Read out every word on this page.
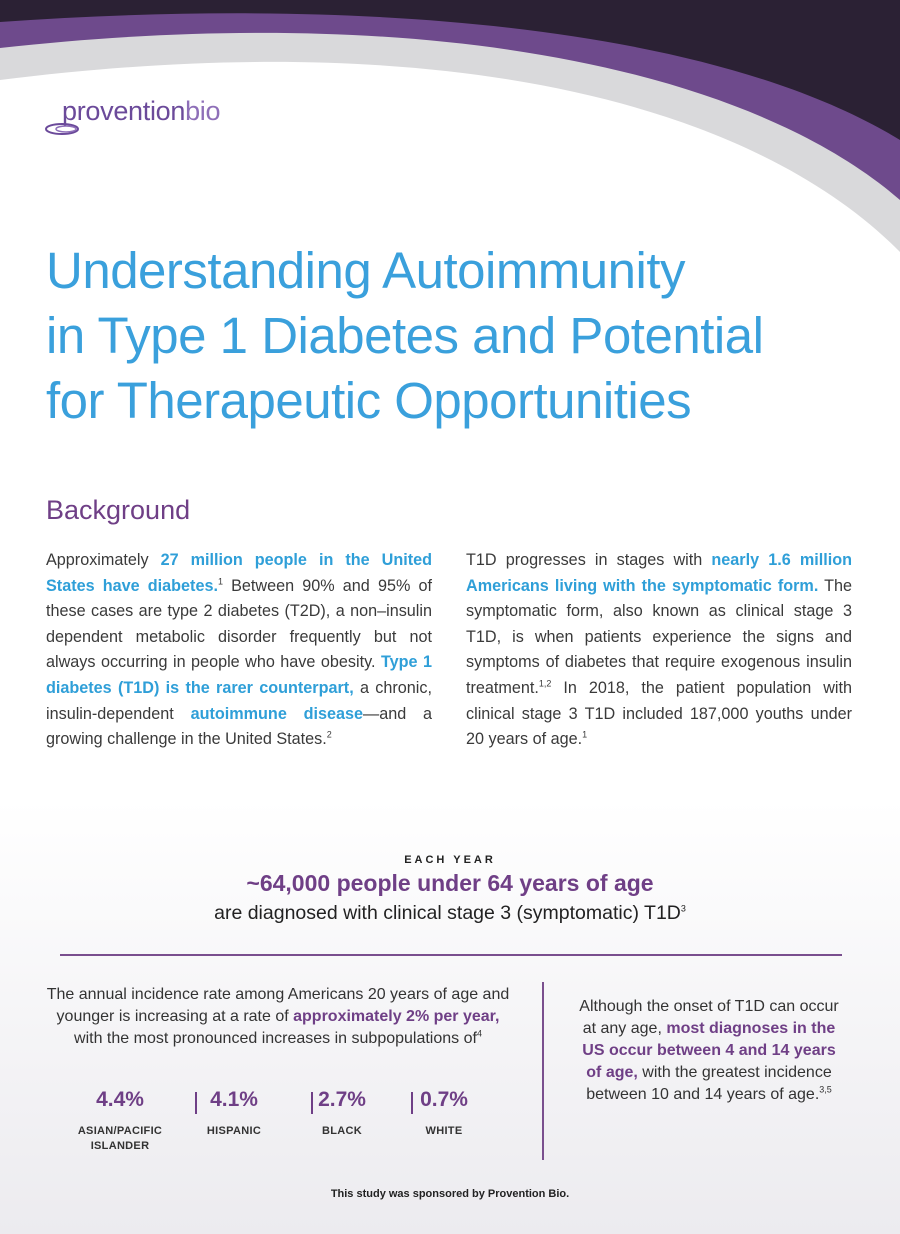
proventionbio
Understanding Autoimmunity
in Type 1 Diabetes and Potential
for Therapeutic Opportunities
Background
Approximately 27 million people in the United States have diabetes.$^1$ Between 90% and 95% of these cases are type 2 diabetes (T2D), a non–insulin dependent metabolic disorder frequently but not always occurring in people who have obesity. Type 1 diabetes (T1D) is the rarer counterpart, a chronic, insulin-dependent autoimmune disease—and a growing challenge in the United States.$^2$
T1D progresses in stages with nearly 1.6 million Americans living with the symptomatic form. The symptomatic form, also known as clinical stage 3 T1D, is when patients experience the signs and symptoms of diabetes that require exogenous insulin treatment.$^{1,2}$ In 2018, the patient population with clinical stage 3 T1D included 187,000 youths under 20 years of age.$^1$
EACH YEAR
~64,000 people under 64 years of age
are diagnosed with clinical stage 3 (symptomatic) $T1D^3$
The annual incidence rate among Americans 20 years of age and younger is increasing at a rate of approximately 2% per year, with the most pronounced increases in subpopulations $of^4$
4.4%
ASIAN/PACIFIC ISLANDER
4.1%
HISPANIC
2.7%
BLACK
0.7%
WHITE
Although the onset of T1D can occur at any age, most diagnoses in the US occur between 4 and 14 years of age, with the greatest incidence between 10 and 14 years of age.$^{3,5}$
This study was sponsored by Provention Bio.
